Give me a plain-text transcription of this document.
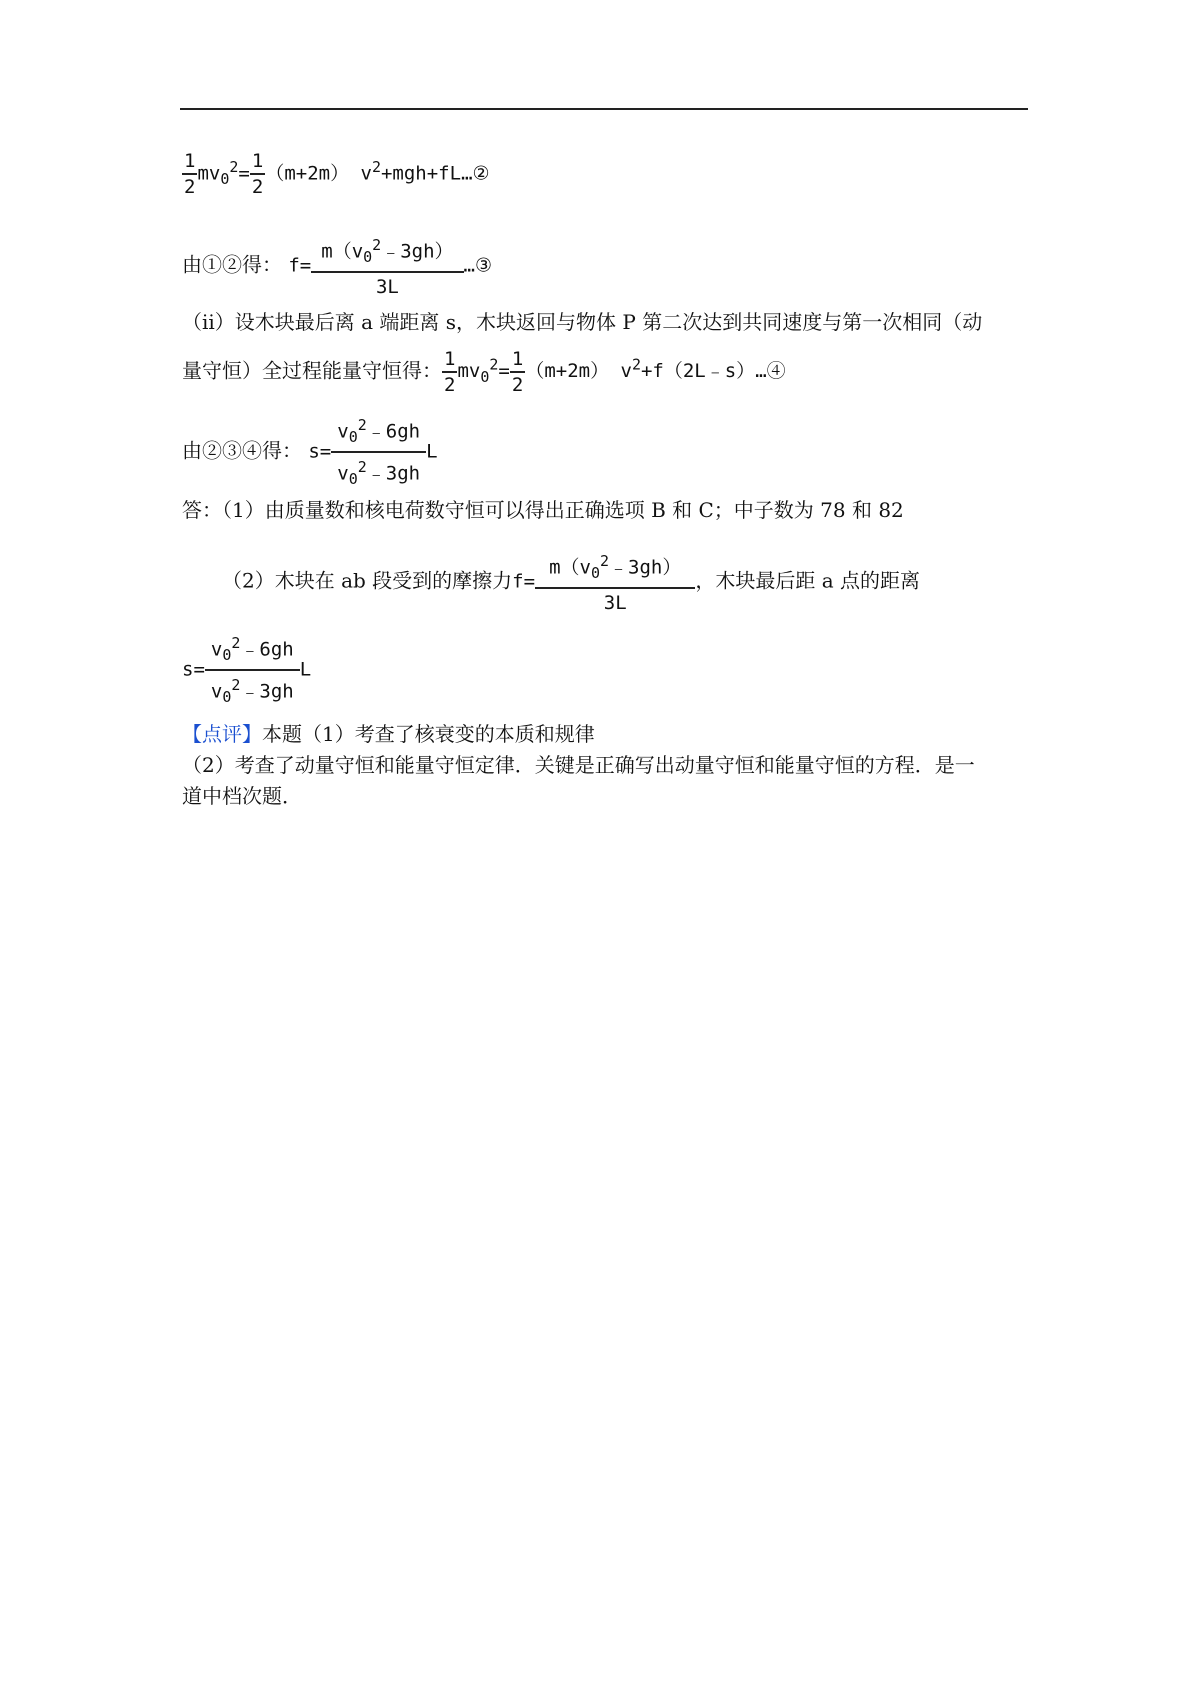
$\frac{1}{2} mv_0^2= \frac{1}{2} (m+2m)$ $v^2+mgh+fL\dots ②$
由①②得： $f= \frac{m(v_0^2﹣3gh)}{3L}$ …③
（ii）设木块最后离 a 端距离 s，木块返回与物体 P 第二次达到共同速度与第一次相同（动
量守恒）全过程能量守恒得： $\frac{1}{2} mv_0^2= \frac{1}{2} (m+2m)$ $v^2+f(2L﹣s)\dots ④$
由②③④得： $s= \frac{v_0^2﹣6gh}{v_0^2﹣3gh}$ L
答：（1）由质量数和核电荷数守恒可以得出正确选项 B 和 C；中子数为 78 和 82
（2）木块在 ab 段受到的摩擦力$f= \frac{m(v_0^2﹣3gh)}{3L}$ ，木块最后距 a 点的距离
$s= \frac{v_0^2﹣6gh}{v_0^2﹣3gh}$ L
【点评】本题（1）考查了核衰变的本质和规律
（2）考查了动量守恒和能量守恒定律．关键是正确写出动量守恒和能量守恒的方程．是一
道中档次题．
